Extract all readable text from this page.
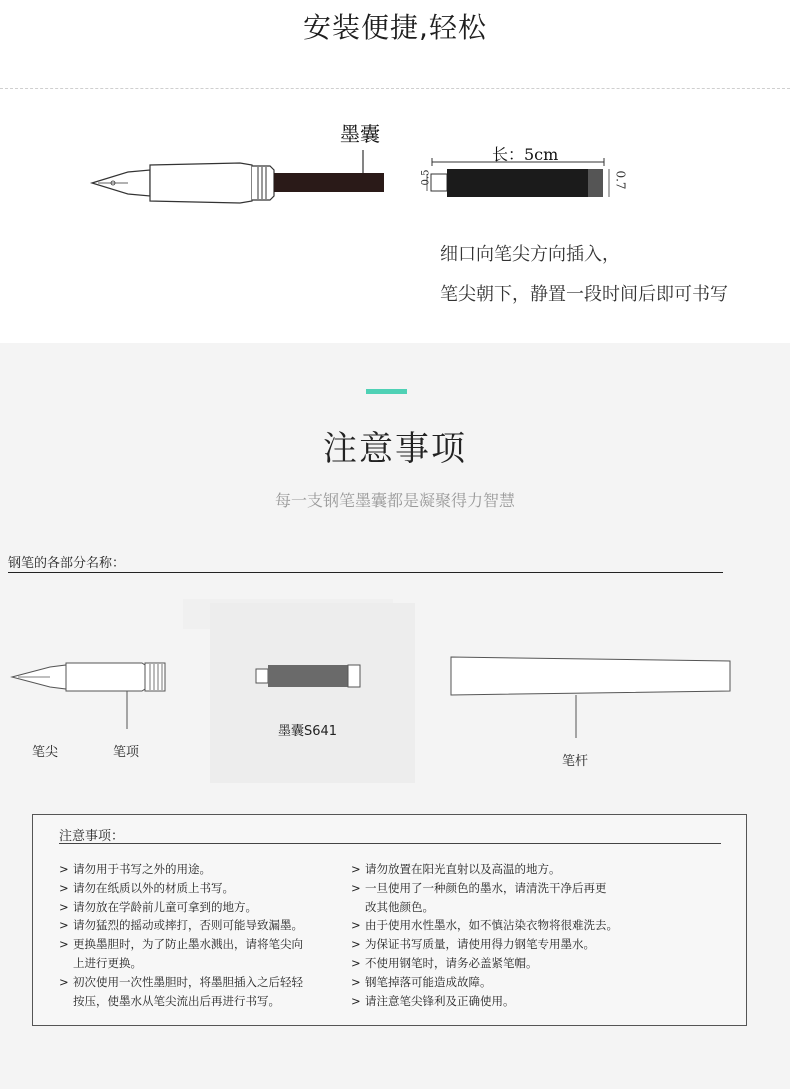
安装便捷,轻松
墨囊
长：5cm
0.5	0.7
细口向笔尖方向插入，
笔尖朝下，静置一段时间后即可书写
注意事项
每一支钢笔墨囊都是凝聚得力智慧
钢笔的各部分名称：
笔尖	笔项
墨囊S641
笔杆
注意事项：
> 请勿用于书写之外的用途。
> 请勿在纸质以外的材质上书写。
> 请勿放在学龄前儿童可拿到的地方。
> 请勿猛烈的摇动或摔打，否则可能导致漏墨。
> 更换墨胆时，为了防止墨水溅出，请将笔尖向
上进行更换。
> 初次使用一次性墨胆时，将墨胆插入之后轻轻
按压，使墨水从笔尖流出后再进行书写。
> 请勿放置在阳光直射以及高温的地方。
> 一旦使用了一种颜色的墨水，请清洗干净后再更
改其他颜色。
> 由于使用水性墨水，如不慎沾染衣物将很难洗去。
> 为保证书写质量，请使用得力钢笔专用墨水。
> 不使用钢笔时，请务必盖紧笔帽。
> 钢笔掉落可能造成故障。
> 请注意笔尖锋利及正确使用。
